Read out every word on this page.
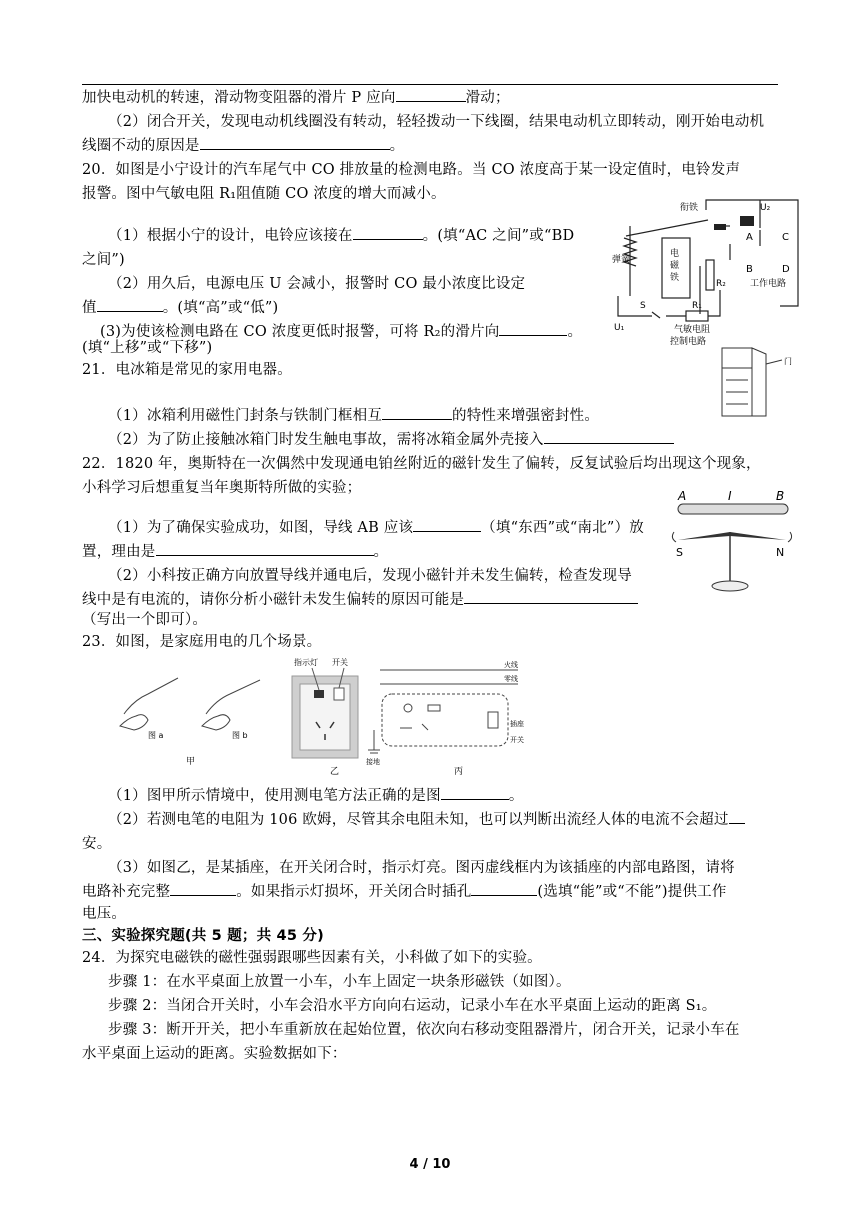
加快电动机的转速，滑动物变阻器的滑片 P 应向	滑动；
（2）闭合开关，发现电动机线圈没有转动，轻轻拨动一下线圈，结果电动机立即转动，刚开始电动机
线圈不动的原因是	。
20．如图是小宁设计的汽车尾气中 CO 排放量的检测电路。当 CO 浓度高于某一设定值时，电铃发声
报警。图中气敏电阻 R₁阻值随 CO 浓度的增大而减小。
（1）根据小宁的设计，电铃应该接在	。(填“AC 之间”或“BD
之间”)
（2）用久后，电源电压 U 会减小，报警时 CO 最小浓度比设定
值	。(填“高”或“低”)
(3)为使该检测电路在 CO 浓度更低时报警，可将 R₂的滑片向	。
(填“上移”或“下移”)
21．电冰箱是常见的家用电器。
（1）冰箱利用磁性门封条与铁制门框相互	的特性来增强密封性。
（2）为了防止接触冰箱门时发生触电事故，需将冰箱金属外壳接入
22．1820 年，奥斯特在一次偶然中发现通电铂丝附近的磁针发生了偏转，反复试验后均出现这个现象，
小科学习后想重复当年奥斯特所做的实验；
（1）为了确保实验成功，如图，导线 AB 应该	（填“东西”或“南北”）放
置，理由是	。
（2）小科按正确方向放置导线并通电后，发现小磁针并未发生偏转，检查发现导
线中是有电流的，请你分析小磁针未发生偏转的原因可能是
（写出一个即可）。
23．如图，是家庭用电的几个场景。
（1）图甲所示情境中，使用测电笔方法正确的是图	。
（2）若测电笔的电阻为 106 欧姆，尽管其余电阻未知，也可以判断出流经人体的电流不会超过
安。
（3）如图乙，是某插座，在开关闭合时，指示灯亮。图丙虚线框内为该插座的内部电路图，请将
电路补充完整	。如果指示灯损坏，开关闭合时插孔	(选填“能”或“不能”)提供工作
电压。
三、实验探究题(共 5 题；共 45 分)
24．为探究电磁铁的磁性强弱跟哪些因素有关，小科做了如下的实验。
步骤 1：在水平桌面上放置一小车，小车上固定一块条形磁铁（如图）。
步骤 2：当闭合开关时，小车会沿水平方向向右运动，记录小车在水平桌面上运动的距离 S₁。
步骤 3：断开开关，把小车重新放在起始位置，依次向右移动变阻器滑片，闭合开关，记录小车在
水平桌面上运动的距离。实验数据如下：
衔铁
弹簧
电
磁
铁
A	C
B	D
U₂
工作电路
R₂
S	R₁
U₁	气敏电阻
控制电路
门
A	I	B
S	N
图 a	图 b
甲
指示灯 开关
乙
火线
零线
插座
开关
接地
丙
4 / 10
